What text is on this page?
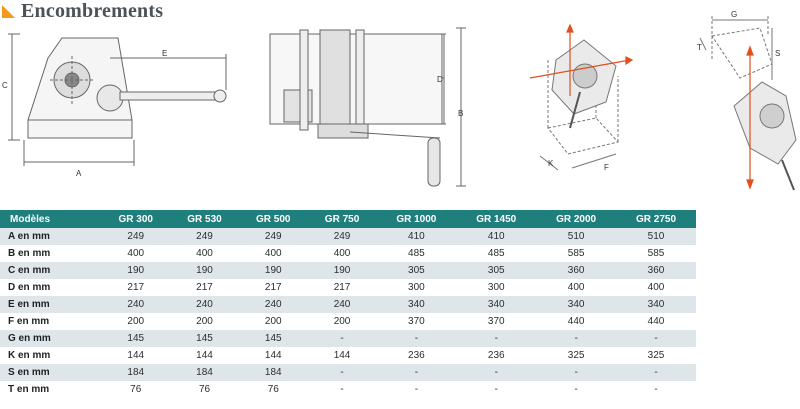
Encombrements
C
E
A
D
B
K	F
G
S
T
Modèles	GR 300	GR 530	GR 500	GR 750	GR 1000	GR 1450	GR 2000	GR 2750
A en mm	249	249	249	249	410	410	510	510
B en mm	400	400	400	400	485	485	585	585
C en mm	190	190	190	190	305	305	360	360
D en mm	217	217	217	217	300	300	400	400
E en mm	240	240	240	240	340	340	340	340
F en mm	200	200	200	200	370	370	440	440
G en mm	145	145	145	-	-	-	-	-
K en mm	144	144	144	144	236	236	325	325
S en mm	184	184	184	-	-	-	-	-
T en mm	76	76	76	-	-	-	-	-
